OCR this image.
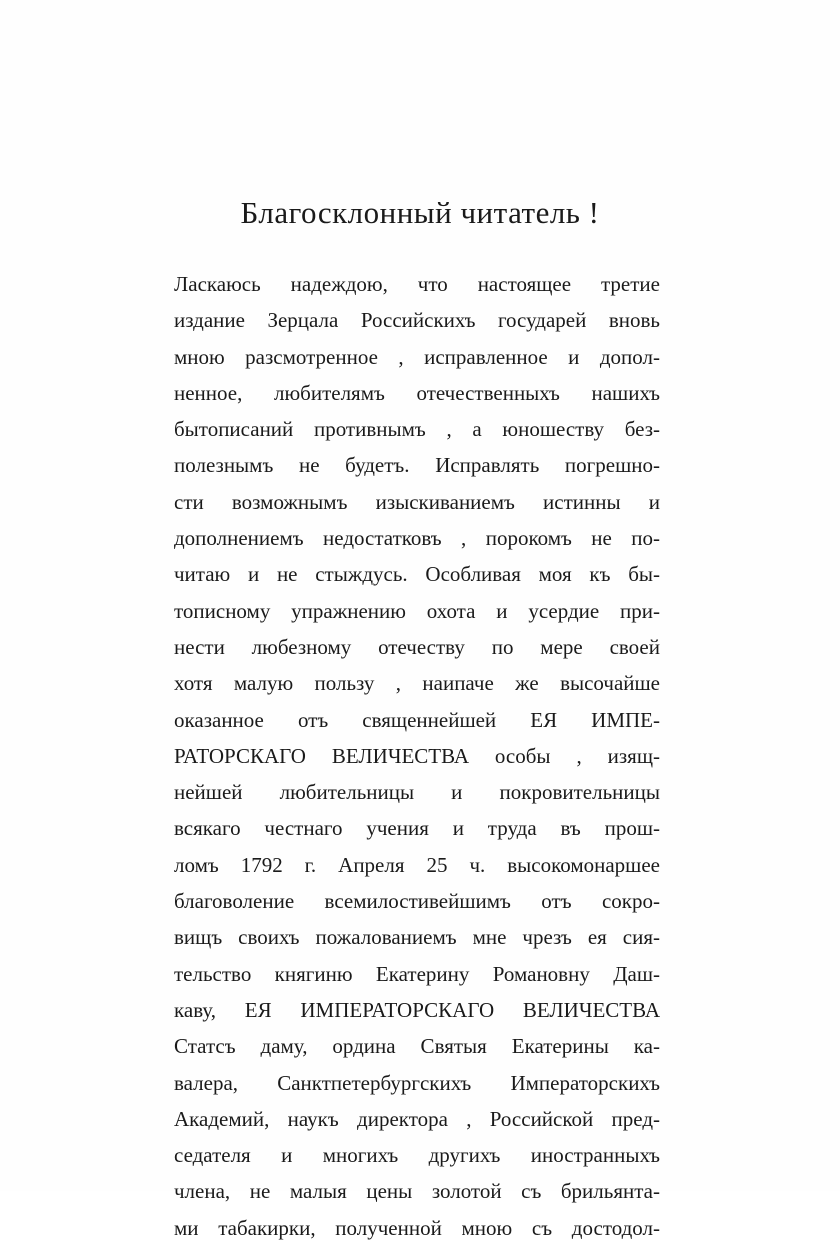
Благосклонный читатель !
Ласкаюсь надеждою, что настоящее третие
издание Зерцала Российскихъ государей вновь
мною разсмотренное , исправленное и допол-
ненное, любителямъ отечественныхъ нашихъ
бытописаний противнымъ , а юношеству без-
полезнымъ не будетъ. Исправлять погрешно-
сти возможнымъ изыскиваниемъ истинны и
дополнениемъ недостатковъ , порокомъ не по-
читаю и не стыждусь. Особливая моя къ бы-
тописному упражнению охота и усердие при-
нести любезному отечеству по мере своей
хотя малую пользу , наипаче же высочайше
оказанное отъ священнейшей ЕЯ ИМПЕ-
РАТОРСКАГО ВЕЛИЧЕСТВА особы , изящ-
нейшей любительницы и покровительницы
всякаго честнаго учения и труда въ прош-
ломъ 1792 г. Апреля 25 ч. высокомонаршее
благоволение всемилостивейшимъ отъ сокро-
вищъ своихъ пожалованиемъ мне чрезъ ея сия-
тельство княгиню Екатерину Романовну Даш-
каву, ЕЯ ИМПЕРАТОРСКАГО ВЕЛИЧЕСТВА
Статсъ даму, ордина Святыя Екатерины ка-
валера, Санктпетербургскихъ Императорскихъ
Академий, наукъ директора , Российской пред-
седателя и многихъ другихъ иностранныхъ
члена, не малыя цены золотой съ брильянта-
ми табакирки, полученной мною съ достодол-
